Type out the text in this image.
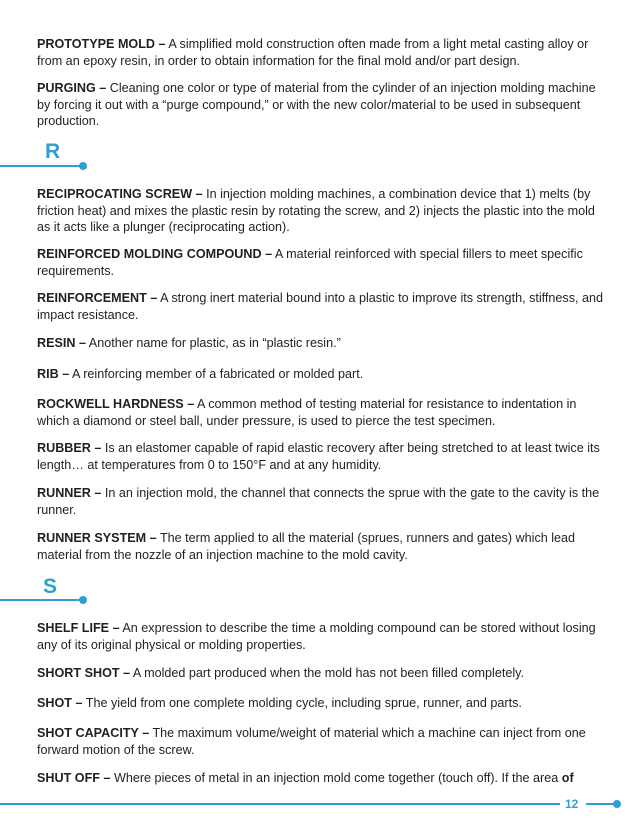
PROTOTYPE MOLD – A simplified mold construction often made from a light metal casting alloy or from an epoxy resin, in order to obtain information for the final mold and/or part design.

PURGING – Cleaning one color or type of material from the cylinder of an injection molding machine by forcing it out with a “purge compound,” or with the new color/material to be used in subsequent production.

R

RECIPROCATING SCREW – In injection molding machines, a combination device that 1) melts (by friction heat) and mixes the plastic resin by rotating the screw, and 2) injects the plastic into the mold as it acts like a plunger (reciprocating action).

REINFORCED MOLDING COMPOUND – A material reinforced with special fillers to meet specific requirements.

REINFORCEMENT – A strong inert material bound into a plastic to improve its strength, stiffness, and impact resistance.

RESIN – Another name for plastic, as in “plastic resin.”

RIB – A reinforcing member of a fabricated or molded part.

ROCKWELL HARDNESS – A common method of testing material for resistance to indentation in which a diamond or steel ball, under pressure, is used to pierce the test specimen.

RUBBER – Is an elastomer capable of rapid elastic recovery after being stretched to at least twice its length… at temperatures from 0 to 150°F and at any humidity.

RUNNER – In an injection mold, the channel that connects the sprue with the gate to the cavity is the runner.

RUNNER SYSTEM – The term applied to all the material (sprues, runners and gates) which lead material from the nozzle of an injection machine to the mold cavity.

S

SHELF LIFE – An expression to describe the time a molding compound can be stored without losing any of its original physical or molding properties.

SHORT SHOT – A molded part produced when the mold has not been filled completely.

SHOT – The yield from one complete molding cycle, including sprue, runner, and parts.

SHOT CAPACITY – The maximum volume/weight of material which a machine can inject from one forward motion of the screw.

SHUT OFF – Where pieces of metal in an injection mold come together (touch off). If the area of

12
